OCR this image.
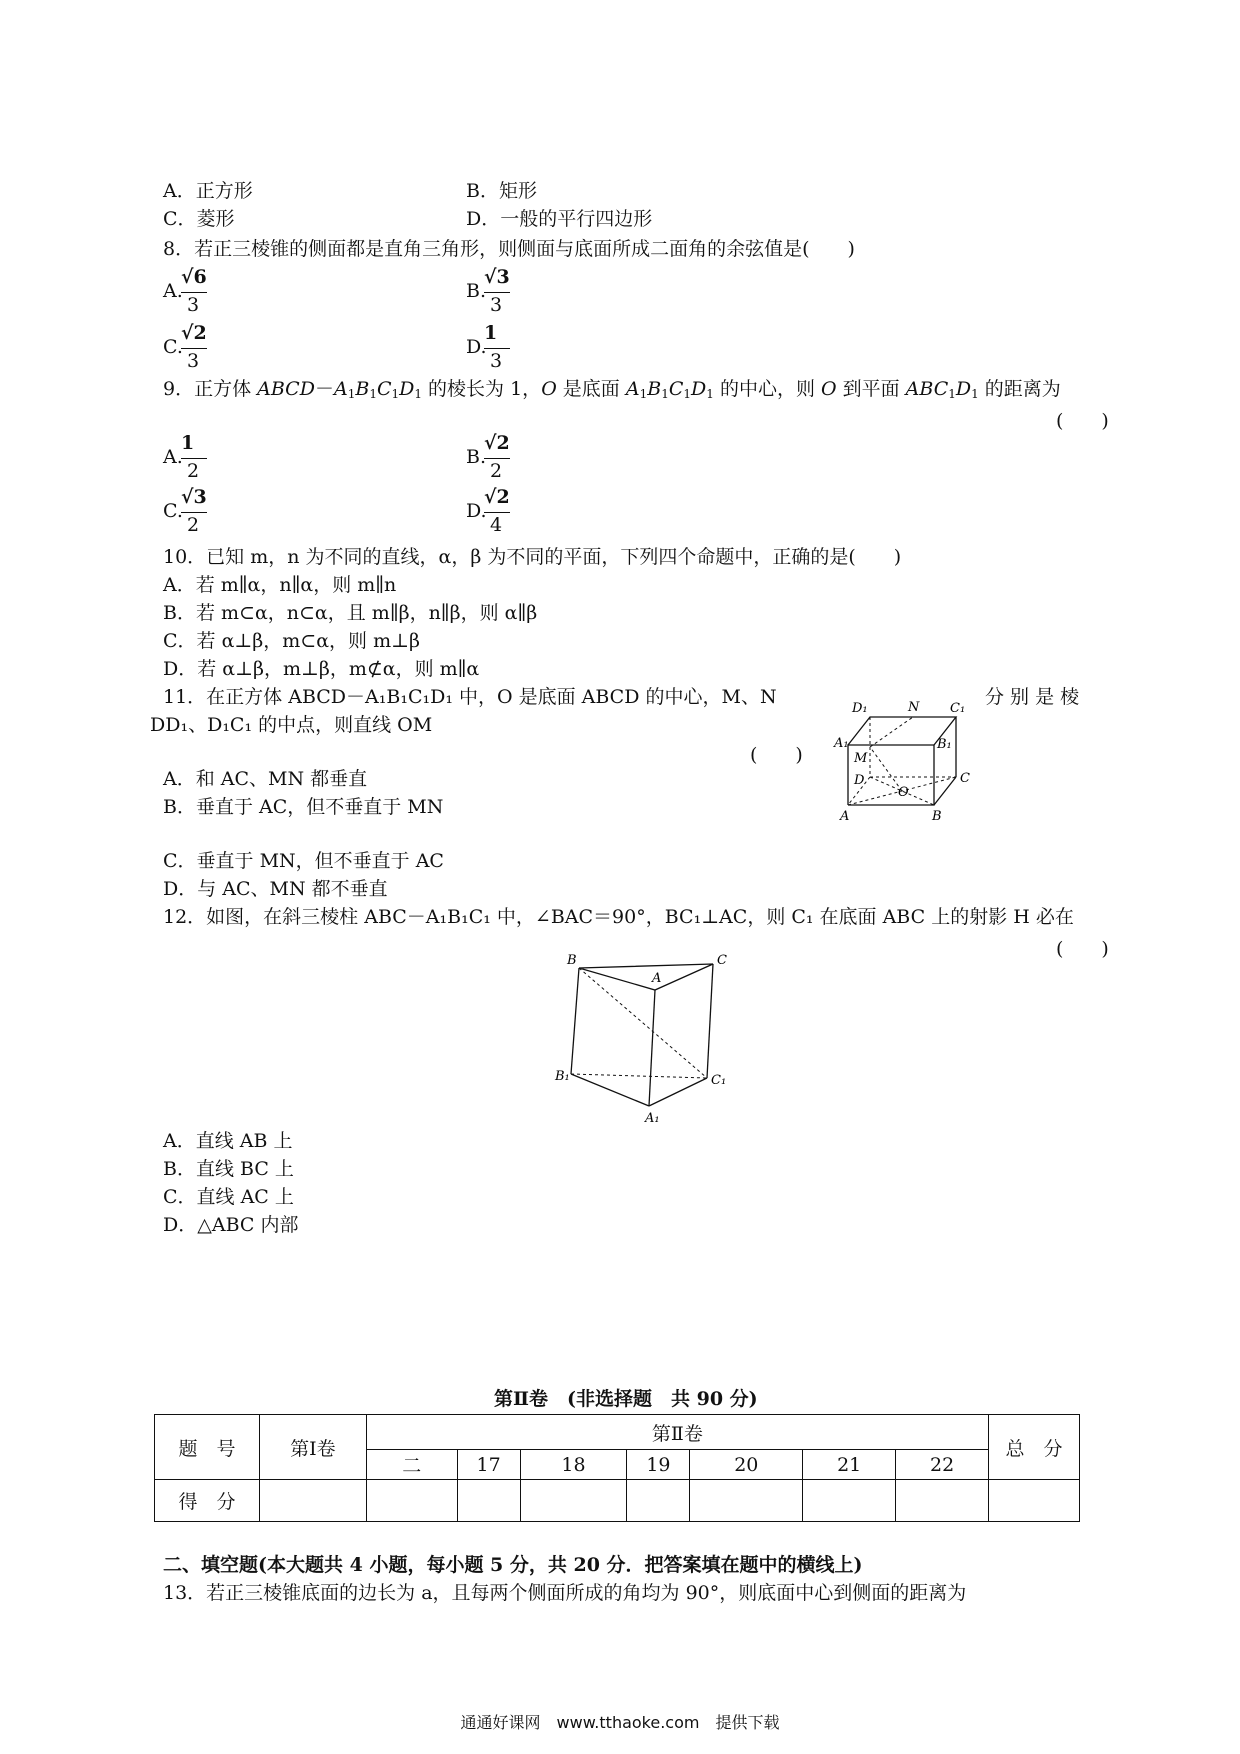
A．正方形	B．矩形
C．菱形	D．一般的平行四边形
8．若正三棱锥的侧面都是直角三角形，则侧面与底面所成二面角的余弦值是(　　)
A.
√6
3
B.
√3
3
C.
√2
3
D.
1
3
9．正方体 $ABCD-A_1B_1C_1D_1$ 的棱长为 1，O 是底面 $A_1B_1C_1D_1$ 的中心，则 O 到平面 $ABC_1D_1$ 的距离为
(　　)
A.
1
2
B.
√2
2
C.
√3
2
D.
√2
4
10．已知 m，n 为不同的直线，α，β 为不同的平面，下列四个命题中，正确的是(　　)
A．若 m∥α，n∥α，则 m∥n
B．若 m⊂α，n⊂α，且 m∥β，n∥β，则 α∥β
C．若 α⊥β，m⊂α，则 m⊥β
D．若 α⊥β，m⊥β，m⊄α，则 m∥α
11．在正方体 ABCD－A₁B₁C₁D₁ 中，O 是底面 ABCD 的中心，M、N	分 别 是 棱
DD₁、D₁C₁ 的中点，则直线 OM
(　　)
A．和 AC、MN 都垂直
B．垂直于 AC，但不垂直于 MN
C．垂直于 MN，但不垂直于 AC
D．与 AC、MN 都不垂直
D₁	N C₁
A₁	B₁
M
D
O
C
A	B
12．如图，在斜三棱柱 ABC－A₁B₁C₁ 中，∠BAC＝90°，BC₁⊥AC，则 C₁ 在底面 ABC 上的射影 H 必在
(　　)
B
A
C
B₁	C₁
A₁
A．直线 AB 上
B．直线 BC 上
C．直线 AC 上
D．△ABC 内部
第Ⅱ卷　(非选择题　共 90 分)
题　号	第Ⅰ卷	第Ⅱ卷							总　分
		二	17	18	19	20	21	22	
得　分									
二、填空题(本大题共 4 小题，每小题 5 分，共 20 分．把答案填在题中的横线上)
13．若正三棱锥底面的边长为 a，且每两个侧面所成的角均为 90°，则底面中心到侧面的距离为
通通好课网　www.tthaoke.com　提供下载
